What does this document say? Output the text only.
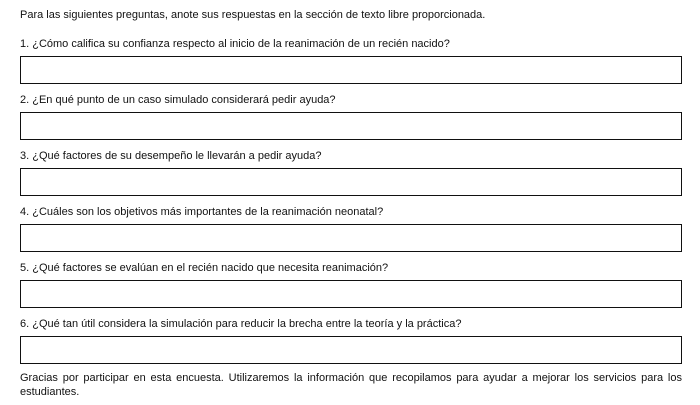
Para las siguientes preguntas, anote sus respuestas en la sección de texto libre proporcionada.
1. ¿Cómo califica su confianza respecto al inicio de la reanimación de un recién nacido?
2. ¿En qué punto de un caso simulado considerará pedir ayuda?
3. ¿Qué factores de su desempeño le llevarán a pedir ayuda?
4. ¿Cuáles son los objetivos más importantes de la reanimación neonatal?
5. ¿Qué factores se evalúan en el recién nacido que necesita reanimación?
6. ¿Qué tan útil considera la simulación para reducir la brecha entre la teoría y la práctica?
Gracias por participar en esta encuesta. Utilizaremos la información que recopilamos para ayudar a mejorar los servicios para los estudiantes.
